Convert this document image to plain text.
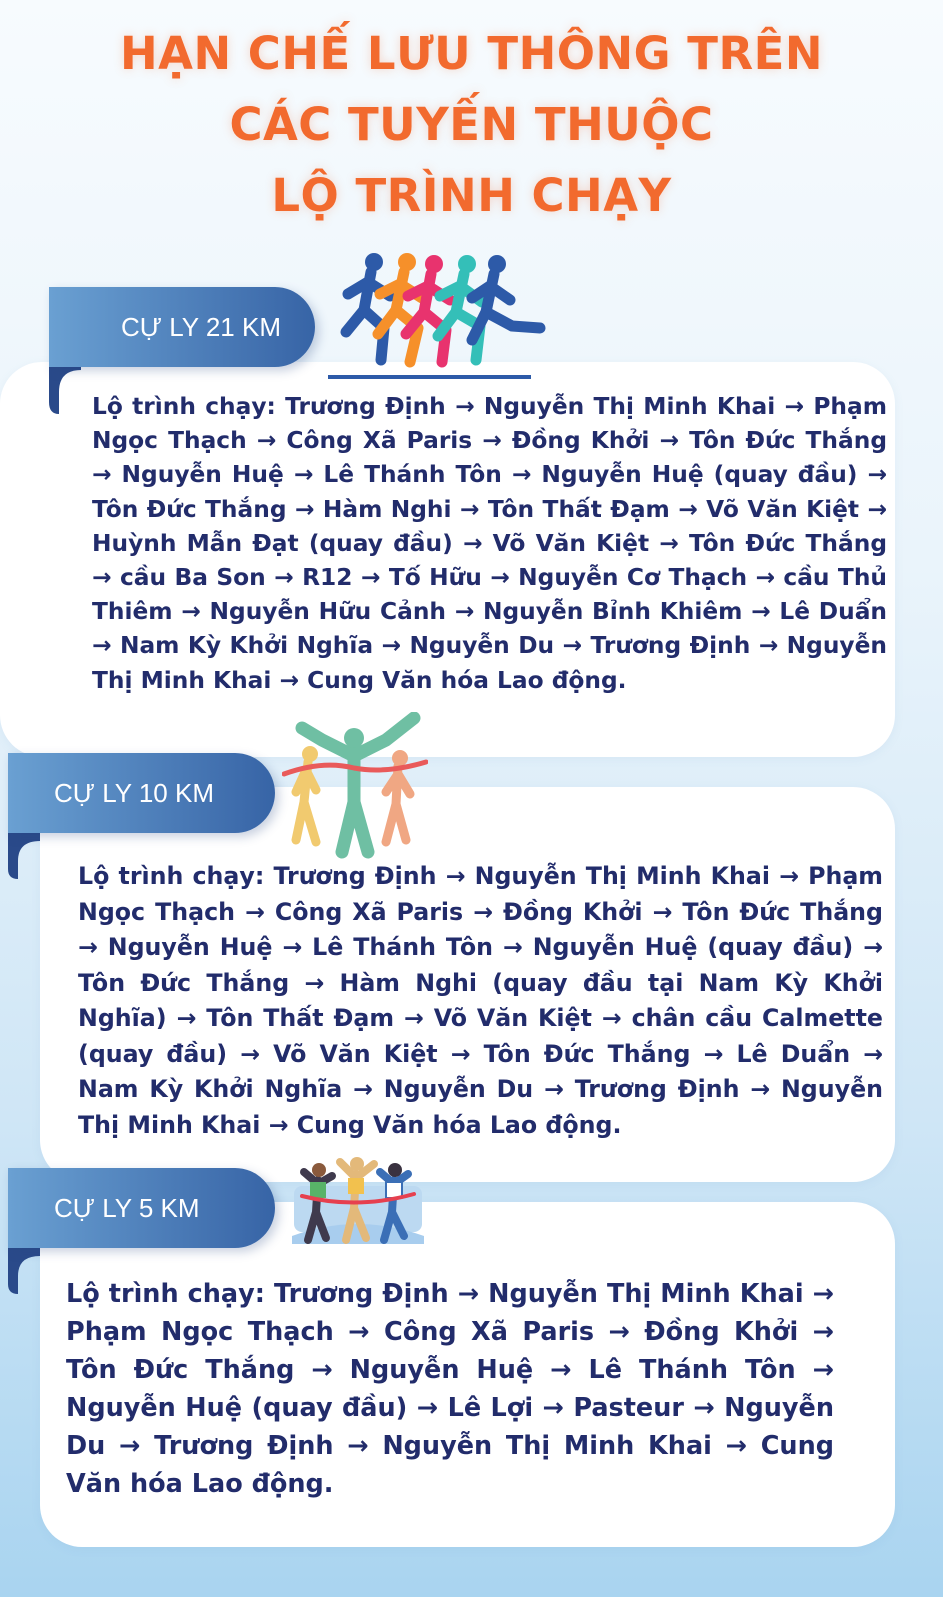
HẠN CHẾ LƯU THÔNG TRÊN
CÁC TUYẾN THUỘC
LỘ TRÌNH CHẠY
CỰ LY 21 KM

Lộ trình chạy: Trương Định → Nguyễn Thị Minh Khai → Phạm Ngọc Thạch → Công Xã Paris → Đồng Khởi → Tôn Đức Thắng → Nguyễn Huệ → Lê Thánh Tôn → Nguyễn Huệ (quay đầu) → Tôn Đức Thắng → Hàm Nghi → Tôn Thất Đạm → Võ Văn Kiệt → Huỳnh Mẫn Đạt (quay đầu) → Võ Văn Kiệt → Tôn Đức Thắng → cầu Ba Son → R12 → Tố Hữu → Nguyễn Cơ Thạch → cầu Thủ Thiêm → Nguyễn Hữu Cảnh → Nguyễn Bỉnh Khiêm → Lê Duẩn → Nam Kỳ Khởi Nghĩa → Nguyễn Du → Trương Định → Nguyễn Thị Minh Khai → Cung Văn hóa Lao động.

CỰ LY 10 KM

Lộ trình chạy: Trương Định → Nguyễn Thị Minh Khai → Phạm Ngọc Thạch → Công Xã Paris → Đồng Khởi → Tôn Đức Thắng → Nguyễn Huệ → Lê Thánh Tôn → Nguyễn Huệ (quay đầu) → Tôn Đức Thắng → Hàm Nghi (quay đầu tại Nam Kỳ Khởi Nghĩa) → Tôn Thất Đạm → Võ Văn Kiệt → chân cầu Calmette (quay đầu) → Võ Văn Kiệt → Tôn Đức Thắng → Lê Duẩn → Nam Kỳ Khởi Nghĩa → Nguyễn Du → Trương Định → Nguyễn Thị Minh Khai → Cung Văn hóa Lao động.

CỰ LY 5 KM

Lộ trình chạy: Trương Định → Nguyễn Thị Minh Khai → Phạm Ngọc Thạch → Công Xã Paris → Đồng Khởi → Tôn Đức Thắng → Nguyễn Huệ → Lê Thánh Tôn → Nguyễn Huệ (quay đầu) → Lê Lợi → Pasteur → Nguyễn Du → Trương Định → Nguyễn Thị Minh Khai → Cung Văn hóa Lao động.
